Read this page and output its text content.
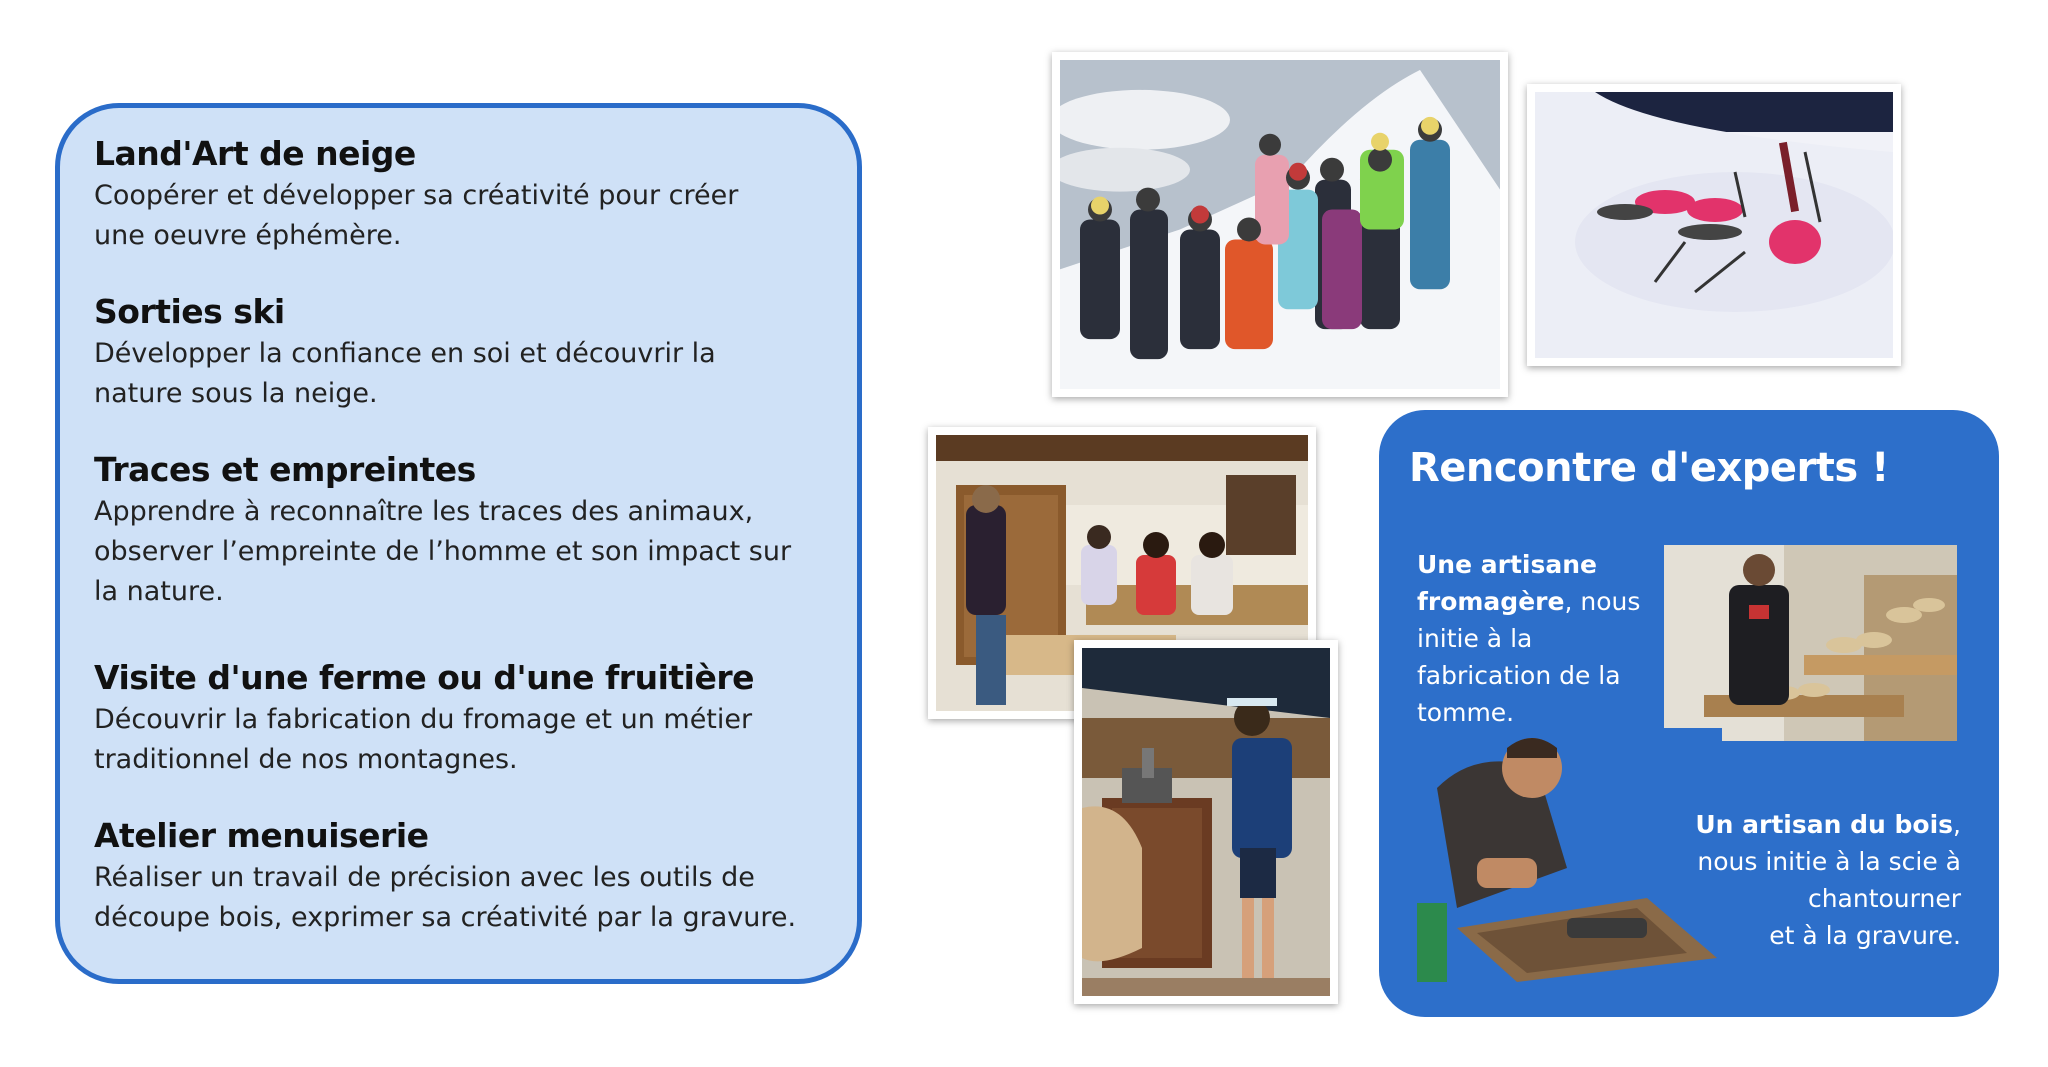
Land'Art de neige

Coopérer et développer sa créativité pour créer
une oeuvre éphémère.

Sorties ski

Développer la confiance en soi et découvrir la
nature sous la neige.

Traces et empreintes

Apprendre à reconnaître les traces des animaux,
observer l’empreinte de l’homme et son impact sur
la nature.

Visite d'une ferme ou d'une fruitière

Découvrir la fabrication du fromage et un métier
traditionnel de nos montagnes.

Atelier menuiserie

Réaliser un travail de précision avec les outils de
découpe bois, exprimer sa créativité par la gravure.

Rencontre d'experts !
Une artisane fromagère, nous initie à la fabrication de la tomme.
Un artisan du bois,
nous initie à la scie à
chantourner
et à la gravure.
